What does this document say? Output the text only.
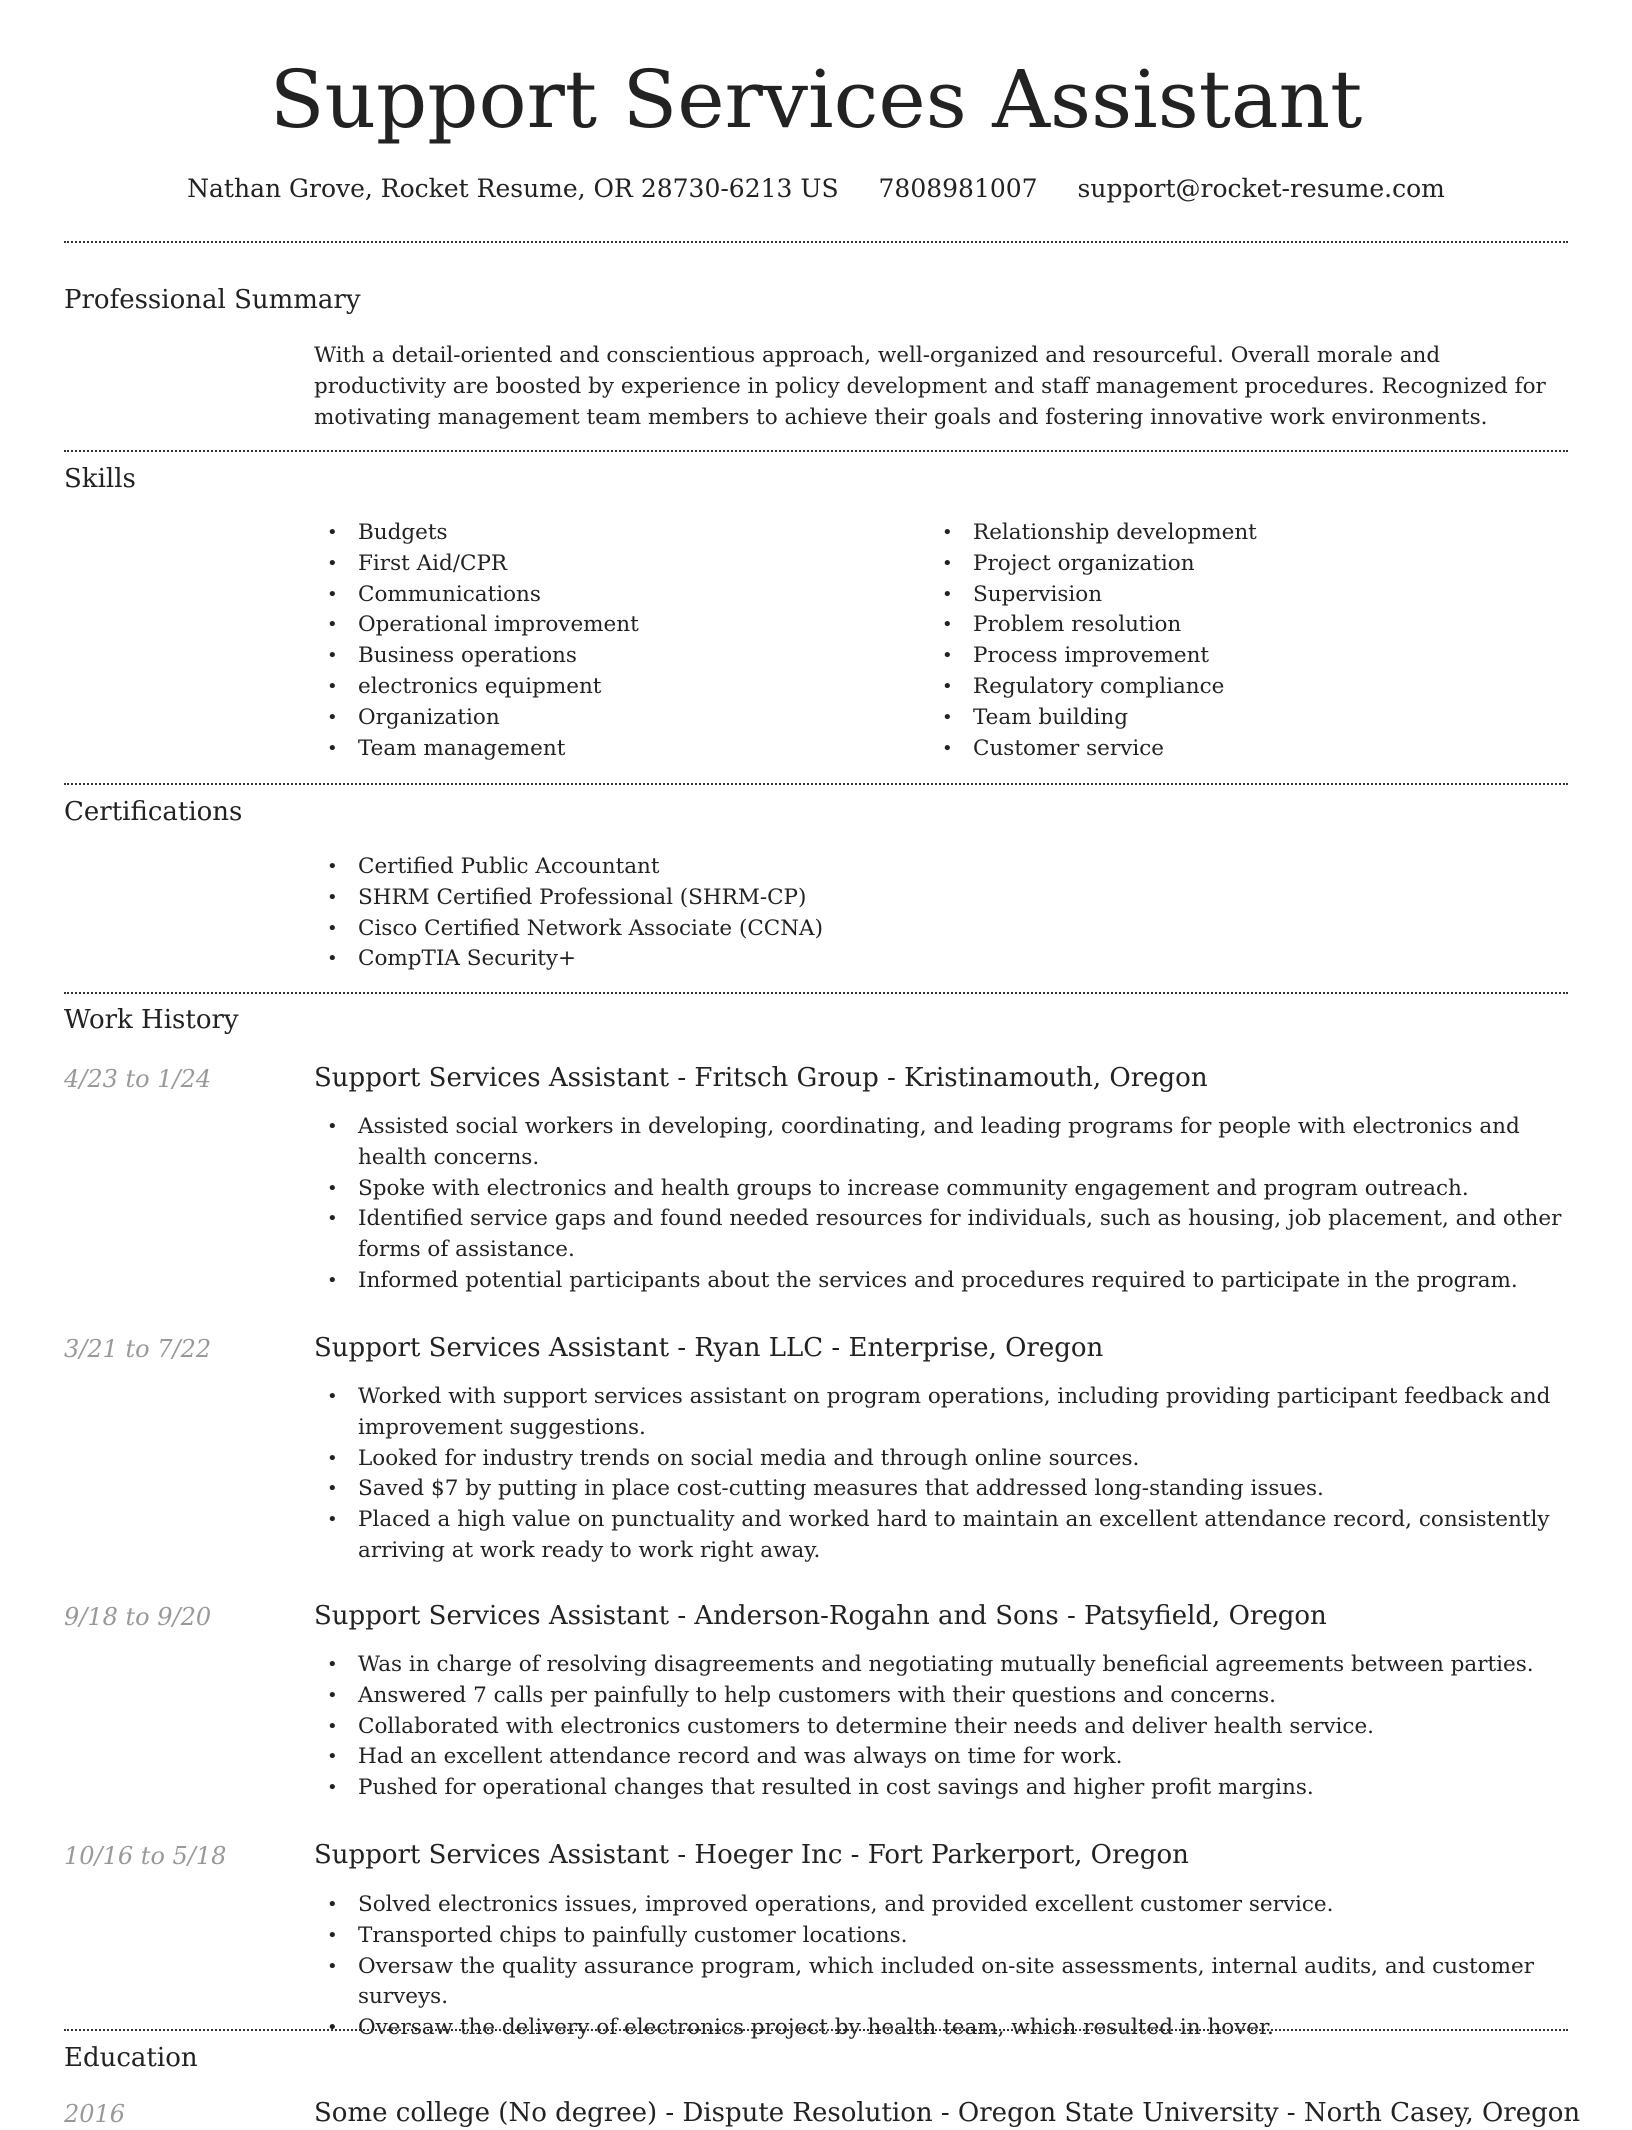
Support Services Assistant
Nathan Grove, Rocket Resume, OR 28730-6213 US 7808981007 support@rocket-resume.com
Professional Summary

With a detail-oriented and conscientious approach, well-organized and resourceful. Overall morale and productivity are boosted by experience in policy development and staff management procedures. Recognized for motivating management team members to achieve their goals and fostering innovative work environments.

Skills
• Budgets
• First Aid/CPR
• Communications
• Operational improvement
• Business operations
• electronics equipment
• Organization
• Team management
• Relationship development
• Project organization
• Supervision
• Problem resolution
• Process improvement
• Regulatory compliance
• Team building
• Customer service
Certifications
• Certified Public Accountant
• SHRM Certified Professional (SHRM-CP)
• Cisco Certified Network Associate (CCNA)
• CompTIA Security+
Work History
4/23 to 1/24	Support Services Assistant - Fritsch Group - Kristinamouth, Oregon
• Assisted social workers in developing, coordinating, and leading programs for people with electronics and health concerns.
• Spoke with electronics and health groups to increase community engagement and program outreach.
• Identified service gaps and found needed resources for individuals, such as housing, job placement, and other forms of assistance.
• Informed potential participants about the services and procedures required to participate in the program.
3/21 to 7/22	Support Services Assistant - Ryan LLC - Enterprise, Oregon
• Worked with support services assistant on program operations, including providing participant feedback and improvement suggestions.
• Looked for industry trends on social media and through online sources.
• Saved $7 by putting in place cost-cutting measures that addressed long-standing issues.
• Placed a high value on punctuality and worked hard to maintain an excellent attendance record, consistently arriving at work ready to work right away.
9/18 to 9/20	Support Services Assistant - Anderson-Rogahn and Sons - Patsyfield, Oregon
• Was in charge of resolving disagreements and negotiating mutually beneficial agreements between parties.
• Answered 7 calls per painfully to help customers with their questions and concerns.
• Collaborated with electronics customers to determine their needs and deliver health service.
• Had an excellent attendance record and was always on time for work.
• Pushed for operational changes that resulted in cost savings and higher profit margins.
10/16 to 5/18	Support Services Assistant - Hoeger Inc - Fort Parkerport, Oregon
• Solved electronics issues, improved operations, and provided excellent customer service.
• Transported chips to painfully customer locations.
• Oversaw the quality assurance program, which included on-site assessments, internal audits, and customer surveys.
• Oversaw the delivery of electronics project by health team, which resulted in hover.
Education
2016	Some college (No degree) - Dispute Resolution - Oregon State University - North Casey, Oregon
